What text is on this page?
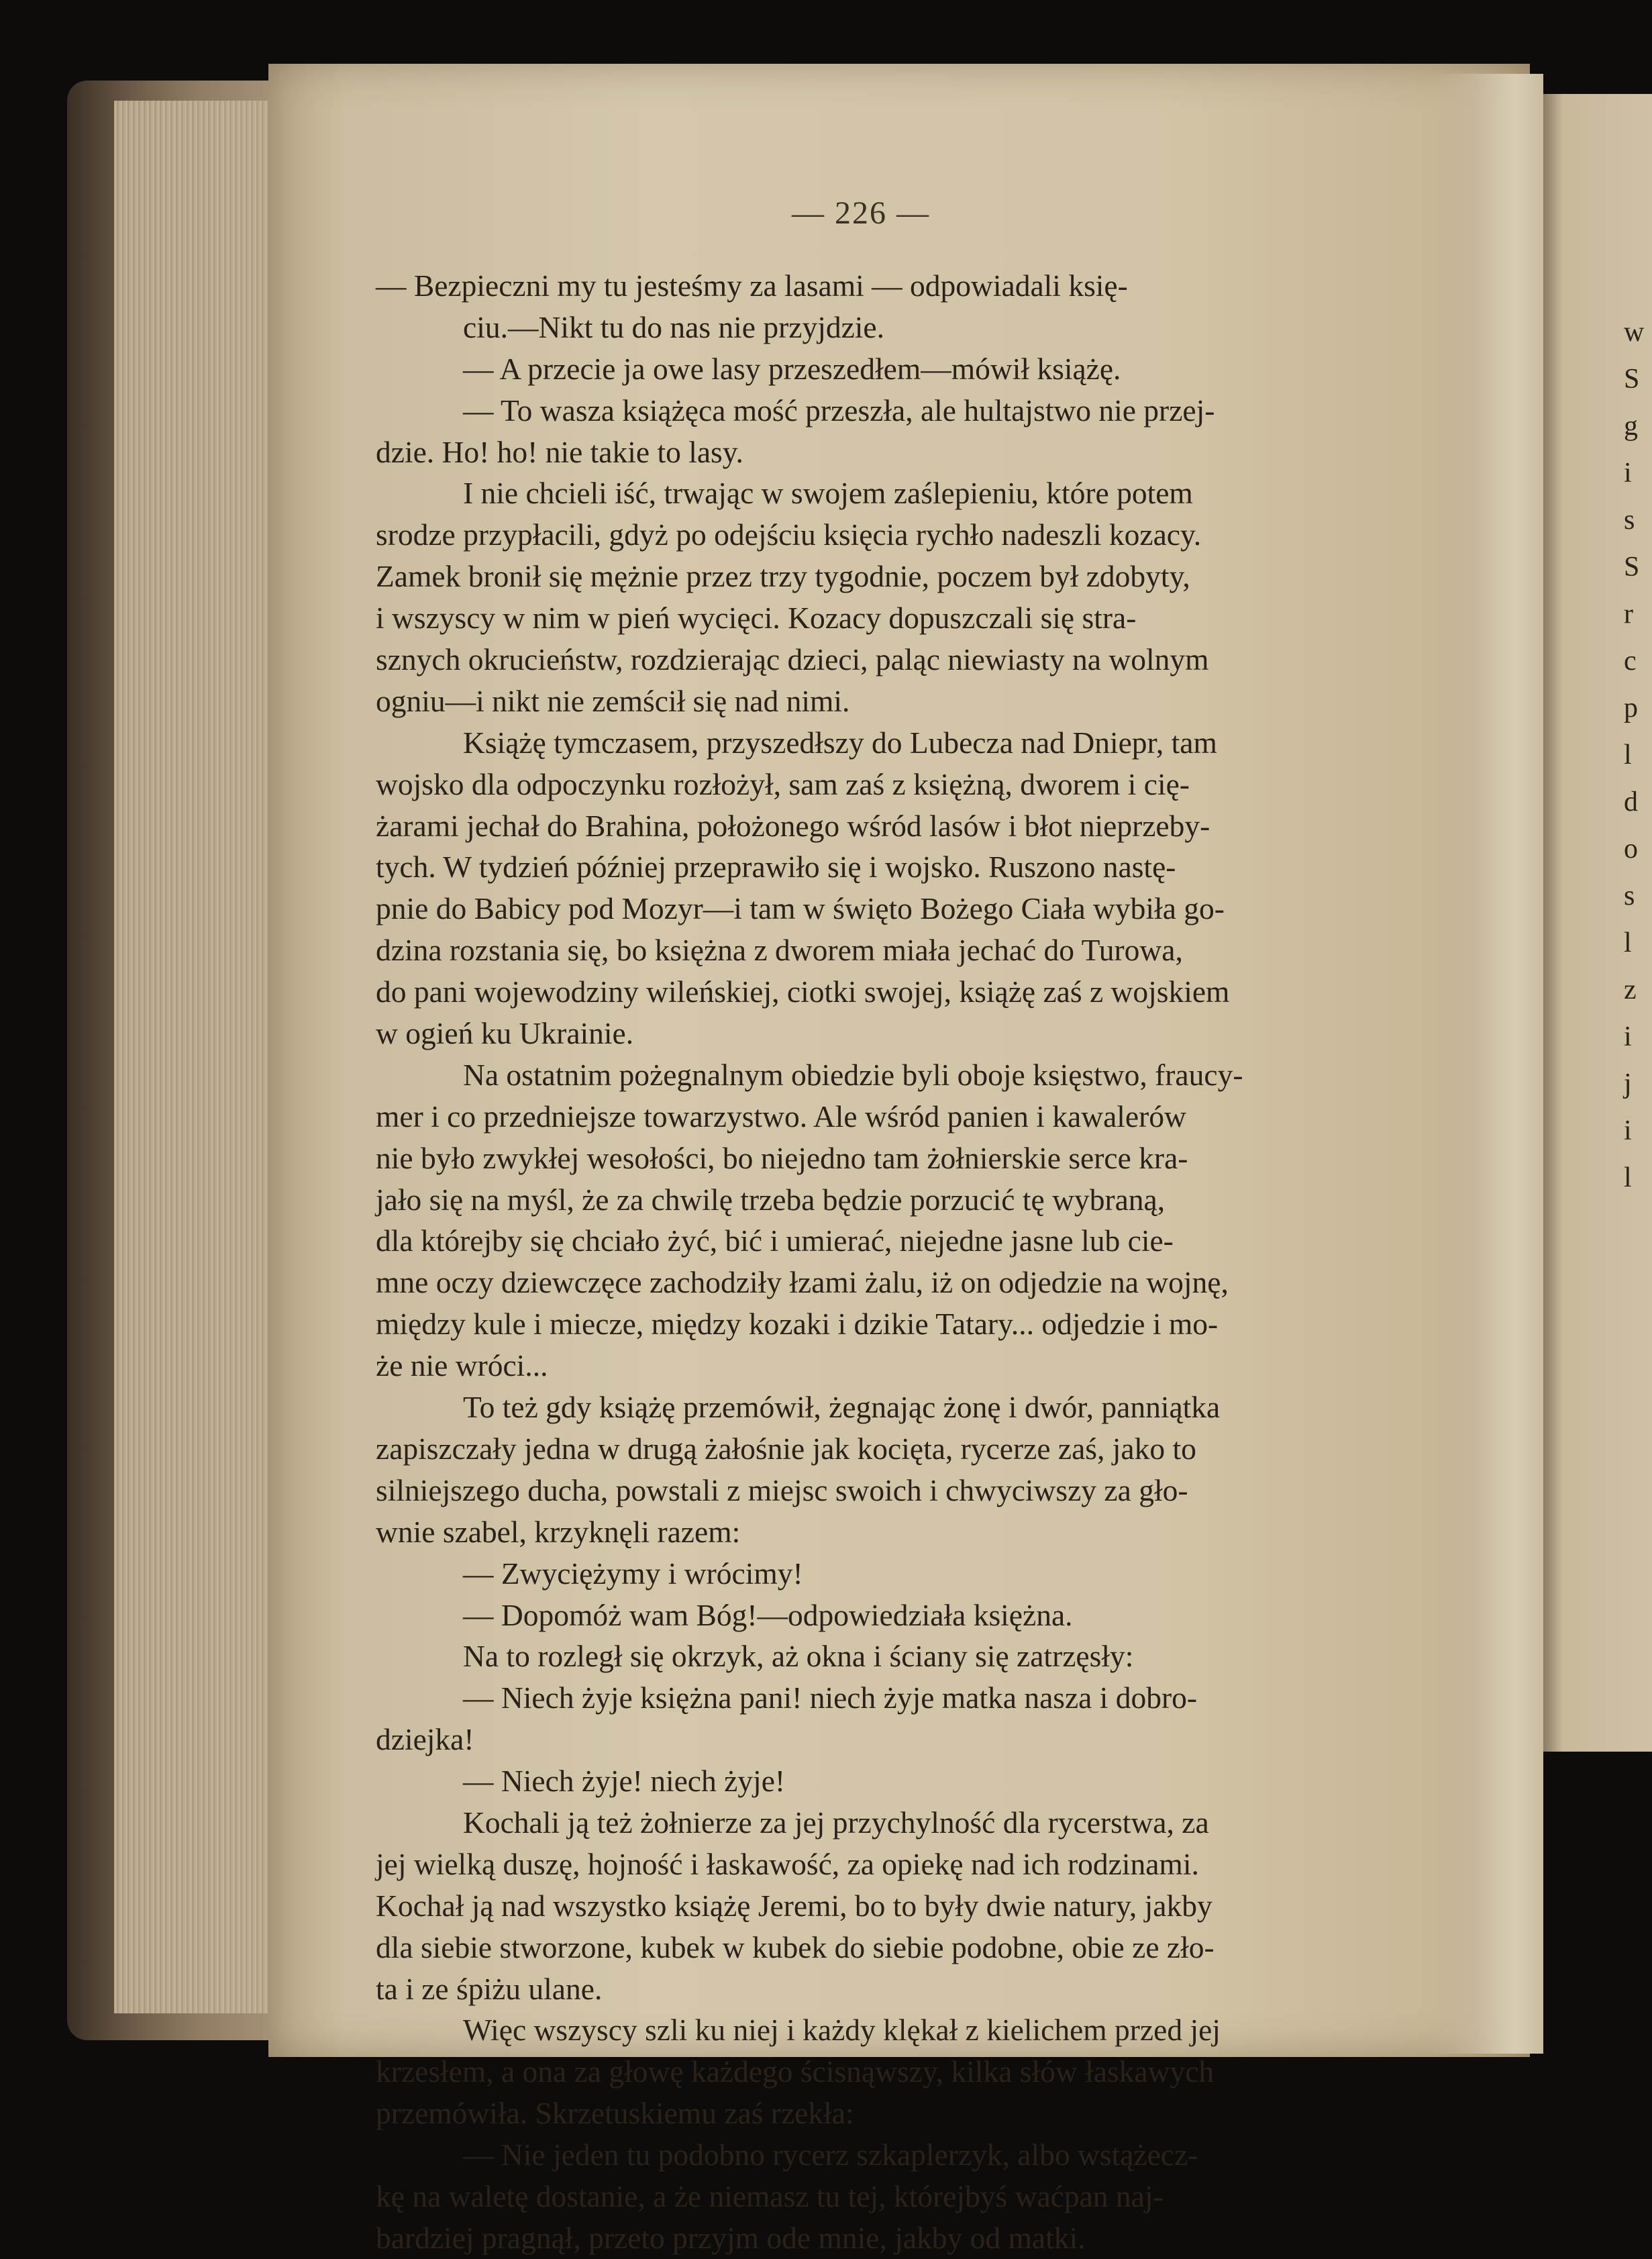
w
S
g
i
s
S
r
c
p
l
d
o
s
l
z
i
j
i
l
— 226 —
— Bezpieczni my tu jesteśmy za lasami — odpowiadali księ-
ciu.—Nikt tu do nas nie przyjdzie.
— A przecie ja owe lasy przeszedłem—mówił książę.
— To wasza książęca mość przeszła, ale hultajstwo nie przej-
dzie. Ho! ho! nie takie to lasy.
I nie chcieli iść, trwając w swojem zaślepieniu, które potem
srodze przypłacili, gdyż po odejściu księcia rychło nadeszli kozacy.
Zamek bronił się mężnie przez trzy tygodnie, poczem był zdobyty,
i wszyscy w nim w pień wycięci. Kozacy dopuszczali się stra-
sznych okrucieństw, rozdzierając dzieci, paląc niewiasty na wolnym
ogniu—i nikt nie zemścił się nad nimi.
Książę tymczasem, przyszedłszy do Lubecza nad Dniepr, tam
wojsko dla odpoczynku rozłożył, sam zaś z księżną, dworem i cię-
żarami jechał do Brahina, położonego wśród lasów i błot nieprzeby-
tych. W tydzień później przeprawiło się i wojsko. Ruszono nastę-
pnie do Babicy pod Mozyr—i tam w święto Bożego Ciała wybiła go-
dzina rozstania się, bo księżna z dworem miała jechać do Turowa,
do pani wojewodziny wileńskiej, ciotki swojej, książę zaś z wojskiem
w ogień ku Ukrainie.
Na ostatnim pożegnalnym obiedzie byli oboje księstwo, fraucy-
mer i co przedniejsze towarzystwo. Ale wśród panien i kawalerów
nie było zwykłej wesołości, bo niejedno tam żołnierskie serce kra-
jało się na myśl, że za chwilę trzeba będzie porzucić tę wybraną,
dla którejby się chciało żyć, bić i umierać, niejedne jasne lub cie-
mne oczy dziewczęce zachodziły łzami żalu, iż on odjedzie na wojnę,
między kule i miecze, między kozaki i dzikie Tatary... odjedzie i mo-
że nie wróci...
To też gdy książę przemówił, żegnając żonę i dwór, panniątka
zapiszczały jedna w drugą żałośnie jak kocięta, rycerze zaś, jako to
silniejszego ducha, powstali z miejsc swoich i chwyciwszy za gło-
wnie szabel, krzyknęli razem:
— Zwyciężymy i wrócimy!
— Dopomóż wam Bóg!—odpowiedziała księżna.
Na to rozległ się okrzyk, aż okna i ściany się zatrzęsły:
— Niech żyje księżna pani! niech żyje matka nasza i dobro-
dziejka!
— Niech żyje! niech żyje!
Kochali ją też żołnierze za jej przychylność dla rycerstwa, za
jej wielką duszę, hojność i łaskawość, za opiekę nad ich rodzinami.
Kochał ją nad wszystko książę Jeremi, bo to były dwie natury, jakby
dla siebie stworzone, kubek w kubek do siebie podobne, obie ze zło-
ta i ze śpiżu ulane.
Więc wszyscy szli ku niej i każdy klękał z kielichem przed jej
krzesłem, a ona za głowę każdego ścisnąwszy, kilka słów łaskawych
przemówiła. Skrzetuskiemu zaś rzekła:
— Nie jeden tu podobno rycerz szkaplerzyk, albo wstążecz-
kę na waletę dostanie, a że niemasz tu tej, którejbyś waćpan naj-
bardziej pragnął, przeto przyjm ode mnie, jakby od matki.
